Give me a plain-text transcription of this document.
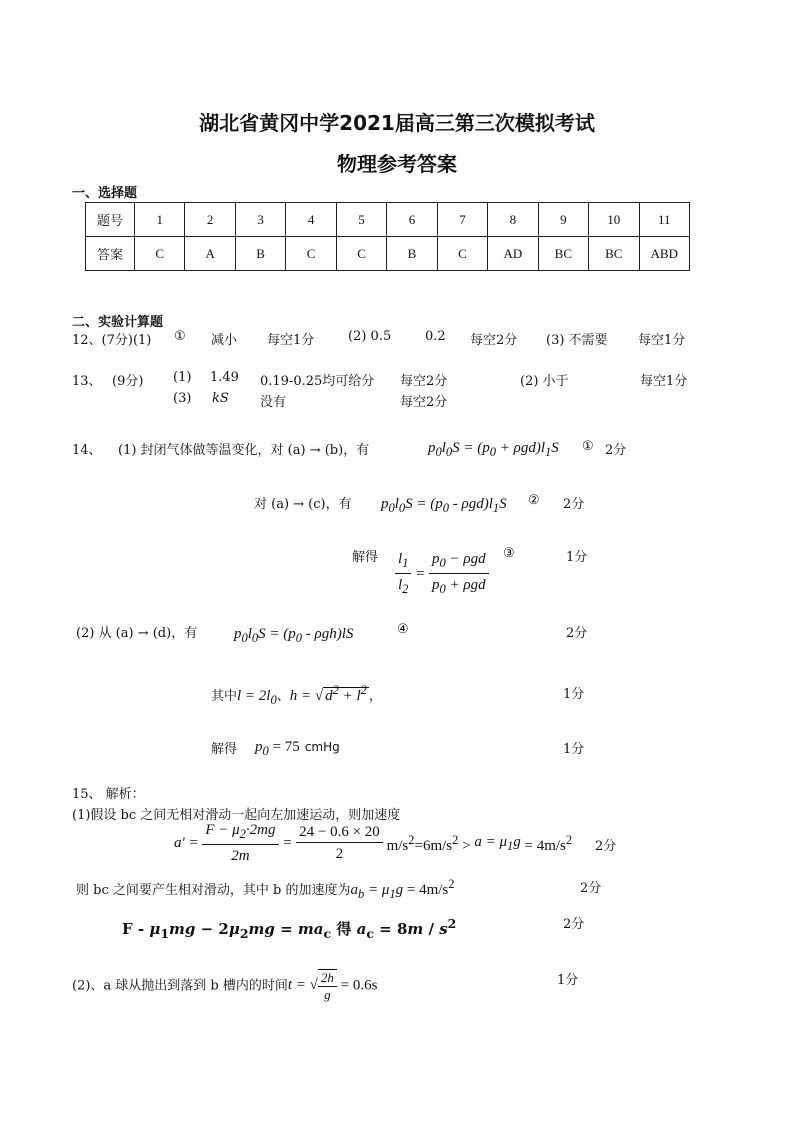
湖北省黄冈中学2021届高三第三次模拟考试
物理参考答案
一、选择题
题号	1	2	3	4	5	6	7	8	9	10	11
答案	C	A	B	C	C	B	C	AD	BC	BC	ABD
二、实验计算题
12、(7分)(1) ① 减小 每空1分	(2) 0.5	0.2 每空2分 (3) 不需要 每空1分
13、 (9分) (1) 1.49 0.19-0.25均可给分 每空2分	(2) 小于	每空1分
(3) kS 没有	每空2分
14、 (1) 封闭气体做等温变化，对 (a) → (b)，有	$p_0l_0S = (p_0 + \rho gd)l_1S$ ① 2分
对 (a) → (c)，有 $p_0l_0S = (p_0 - \rho gd)l_1S$ ② 2分
解得 $\frac{l_1}{l_2} = \frac{p_0 - \rho gd}{p_0 + \rho gd}$ ③	1分
(2) 从 (a) → (d)，有 $p_0l_0S = (p_0 - \rho gh)lS$	④	2分
其中$l = 2l_0$、h = √ $d^2 + l^2$ ，	1分
解得 $p_0 = 75$ cmHg	1分
15、 解析：
(1)假设 bc 之间无相对滑动一起向左加速运动，则加速度
$a' = \frac{F - \mu_2\cdot 2mg}{2m} = \frac{24 - 0.6 \times 20}{2} m/s^2=6m/s^2 > a = \mu_1g = 4m/s^2$ 2分
则 bc 之间要产生相对滑动，其中 b 的加速度为$a_b = \mu_1g = 4m/s^2$	2分
$F - \mu_1mg - 2\mu_2mg = ma_c$ 得 $a_c = 8m / s^2$	2分
(2)、a 球从抛出到落到 b 槽内的时间t = √ $\frac{2h}{g} = 0.6s$	1分
